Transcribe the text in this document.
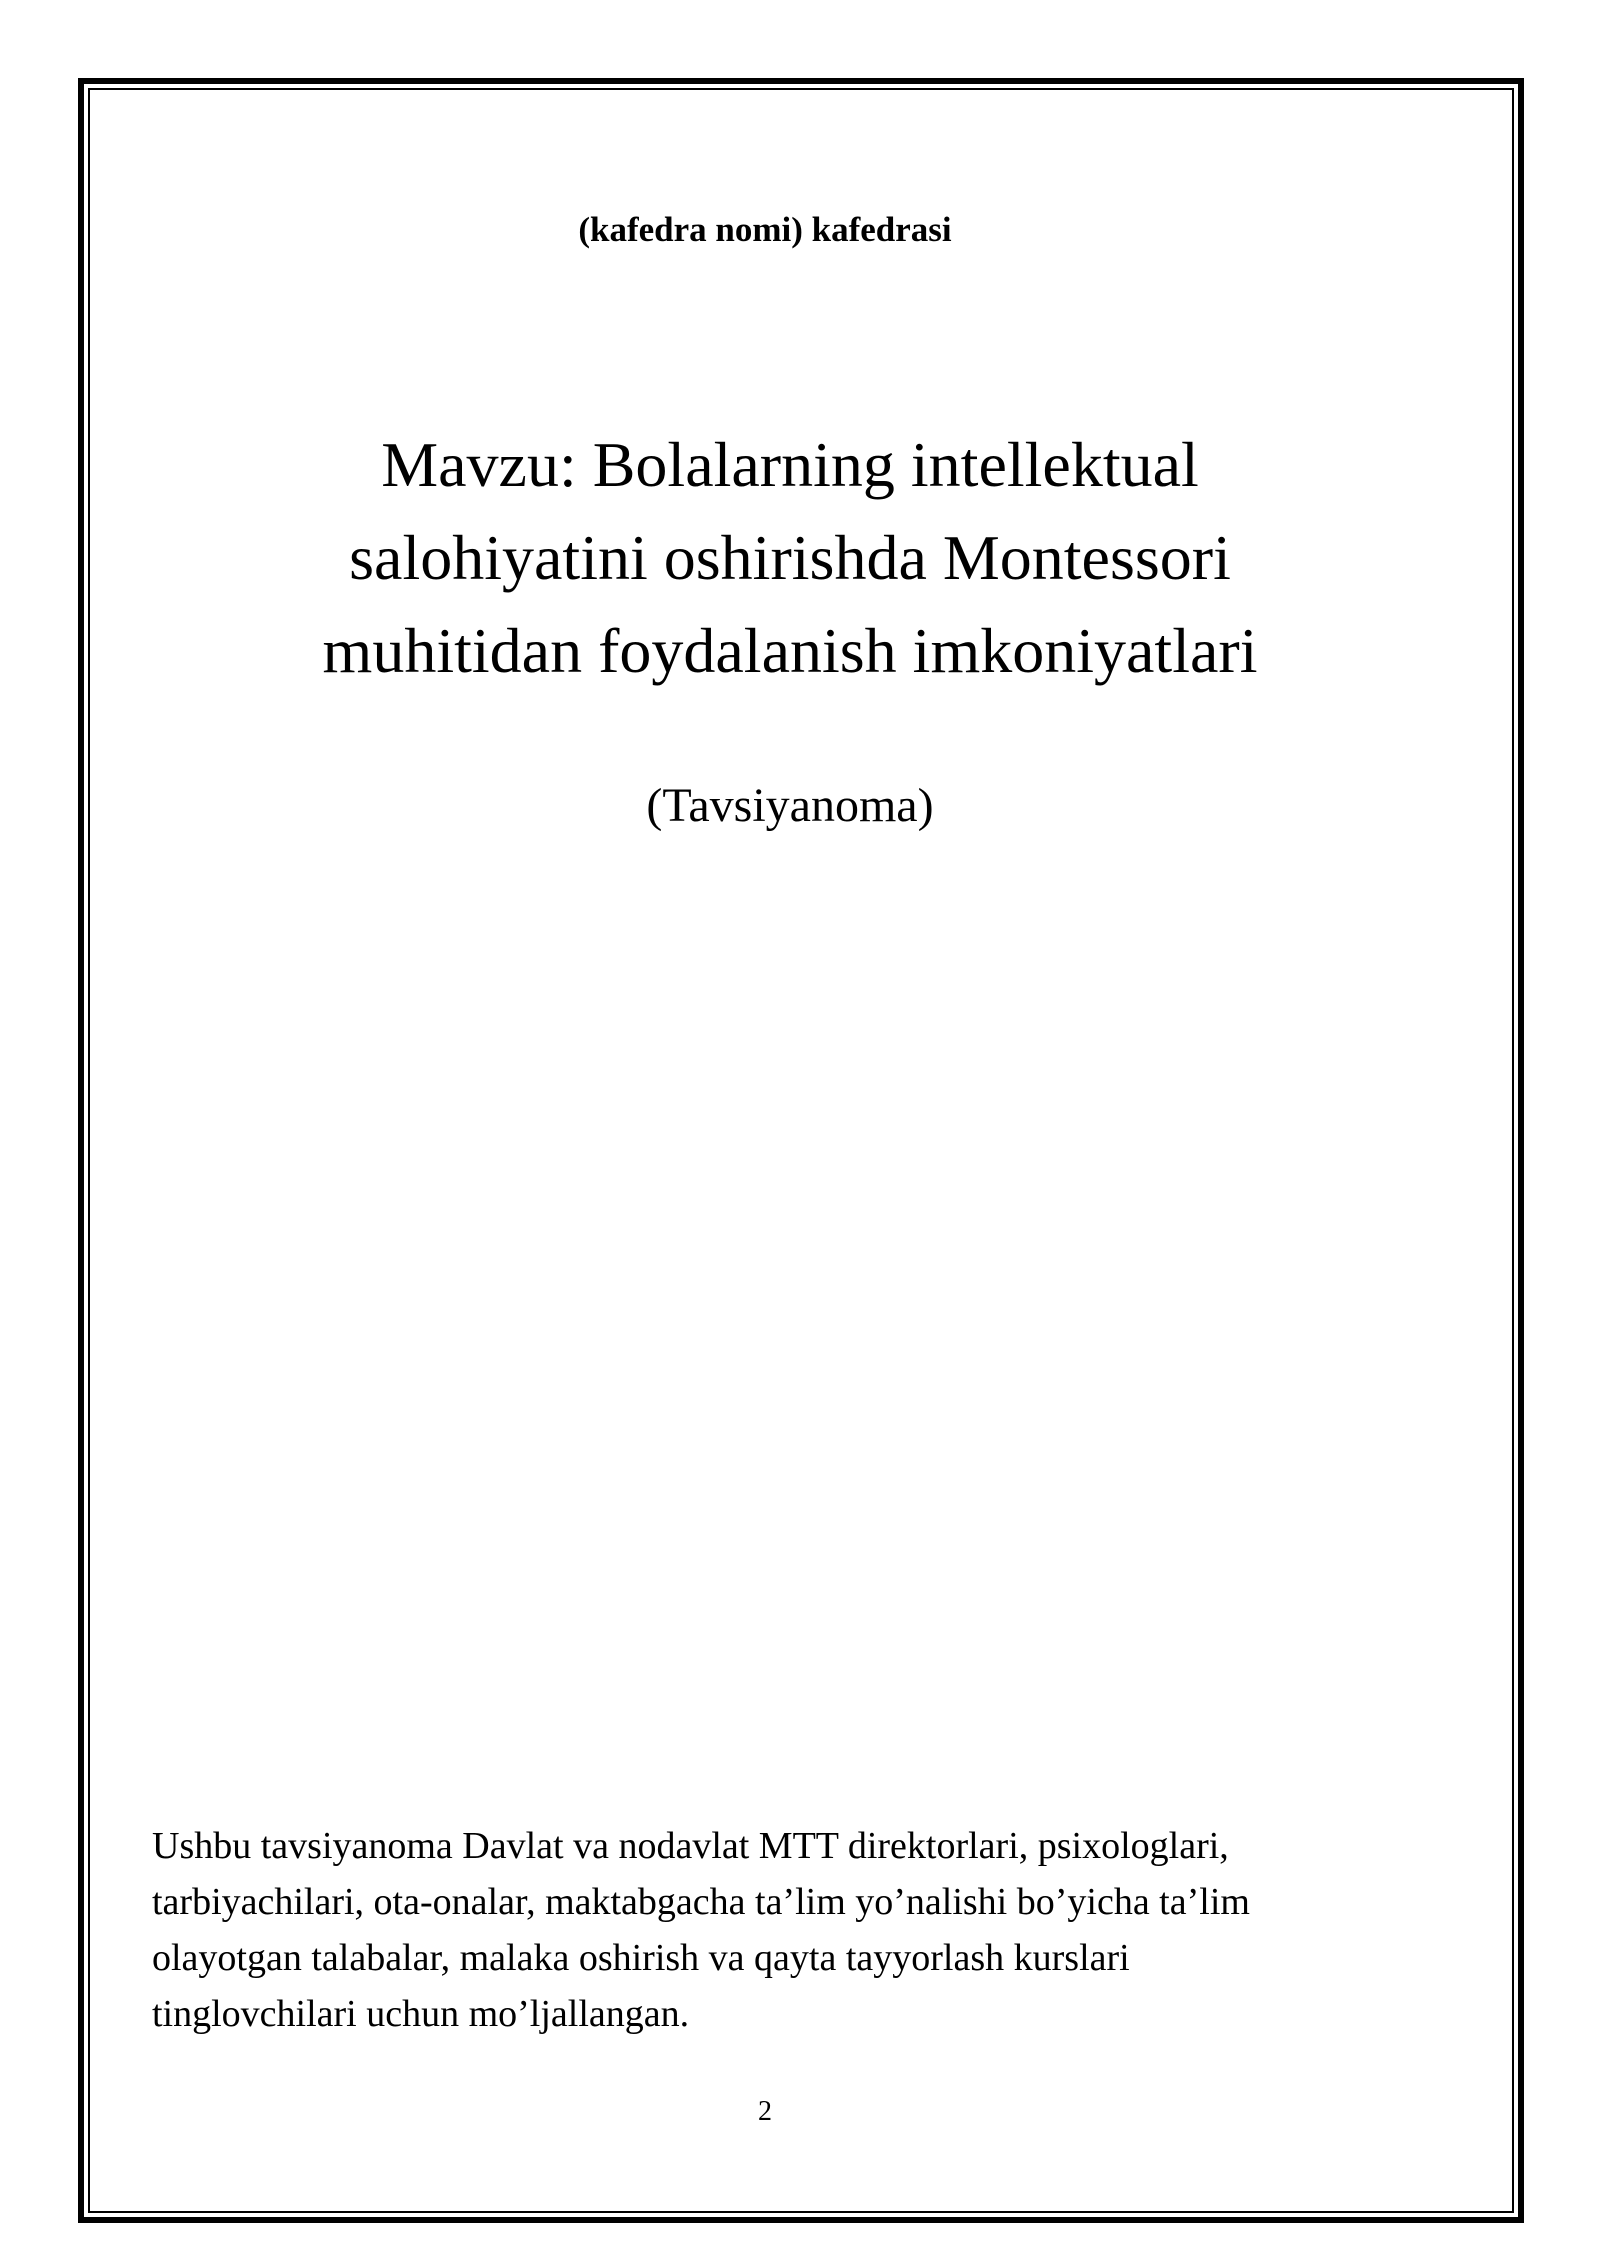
(kafedra nomi) kafedrasi
Mavzu: Bolalarning intellektual
salohiyatini oshirishda Montessori
muhitidan foydalanish imkoniyatlari
(Tavsiyanoma)
Ushbu tavsiyanoma Davlat va nodavlat MTT direktorlari, psixologlari,
tarbiyachilari, ota-onalar, maktabgacha ta’lim yo’nalishi bo’yicha ta’lim
olayotgan talabalar, malaka oshirish va qayta tayyorlash kurslari
tinglovchilari uchun mo’ljallangan.
2
